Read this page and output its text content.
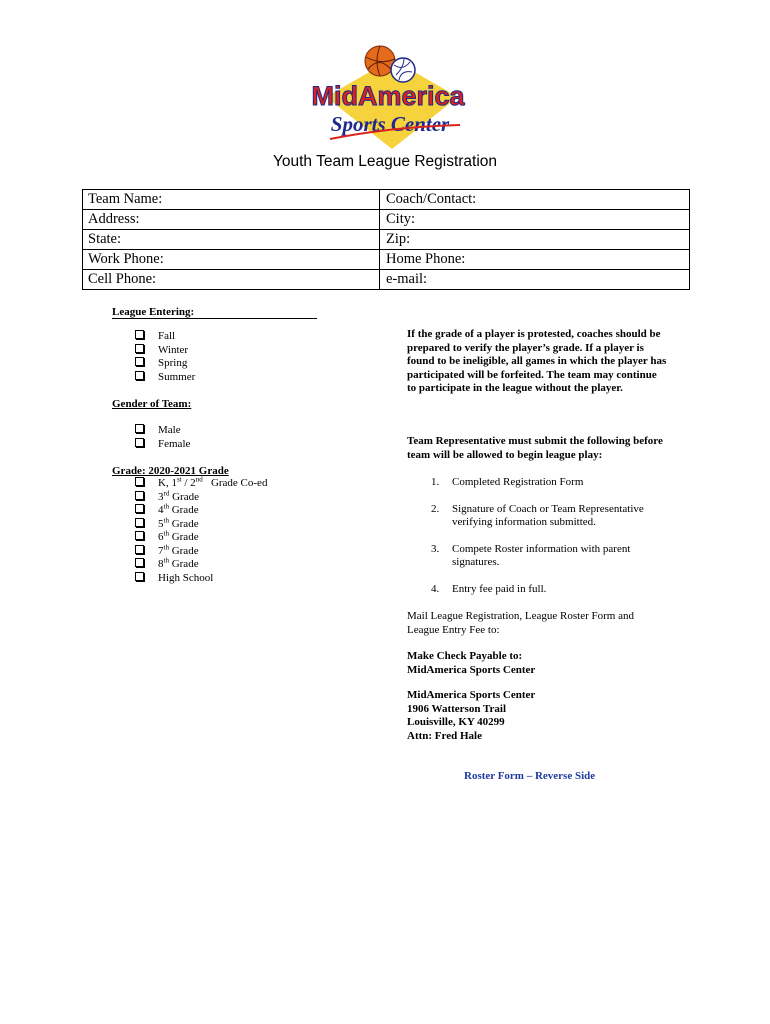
MidAmerica
Sports Center
Youth Team League Registration
Team Name:	Coach/Contact:
Address:	City:
State:	Zip:
Work Phone:	Home Phone:
Cell Phone:	e-mail:
League Entering:
Fall
Winter
Spring
Summer
Gender of Team:
Male
Female
Grade: 2020-2021 Grade
K, 1st / 2nd   Grade Co-ed
3rd Grade
4th Grade
5th Grade
6th Grade
7th Grade
8th Grade
High School
If the grade of a player is protested, coaches should be prepared to verify the player’s grade. If a player is found to be ineligible, all games in which the player has participated will be forfeited. The team may continue to participate in the league without the player.
Team Representative must submit the following before team will be allowed to begin league play:
1. Completed Registration Form
2. Signature of Coach or Team Representative verifying information submitted.
3. Compete Roster information with parent signatures.
4. Entry fee paid in full.
Mail League Registration, League Roster Form and League Entry Fee to:
Make Check Payable to:
MidAmerica Sports Center
MidAmerica Sports Center
1906 Watterson Trail
Louisville, KY 40299
Attn: Fred Hale
Roster Form – Reverse Side
